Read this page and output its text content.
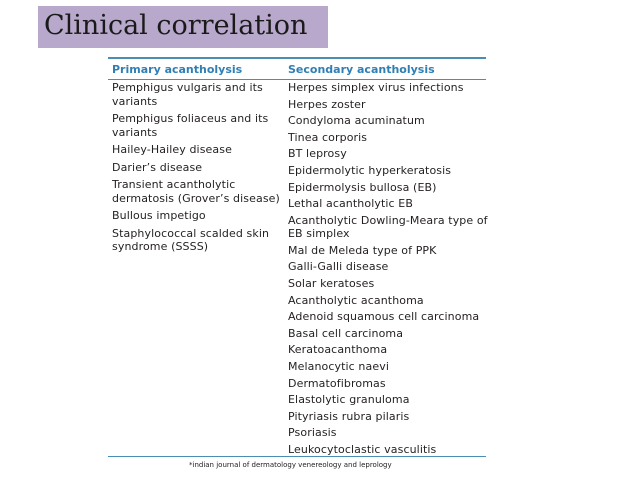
Clinical correlation
Primary acantholysis	Secondary acantholysis
Pemphigus vulgaris and its variants
Pemphigus foliaceus and its variants
Hailey-Hailey disease
Darier’s disease
Transient acantholytic dermatosis (Grover’s disease)
Bullous impetigo
Staphylococcal scalded skin syndrome (SSSS)
Herpes simplex virus infections
Herpes zoster
Condyloma acuminatum
Tinea corporis
BT leprosy
Epidermolytic hyperkeratosis
Epidermolysis bullosa (EB)
Lethal acantholytic EB
Acantholytic Dowling-Meara type of EB simplex
Mal de Meleda type of PPK
Galli-Galli disease
Solar keratoses
Acantholytic acanthoma
Adenoid squamous cell carcinoma
Basal cell carcinoma
Keratoacanthoma
Melanocytic naevi
Dermatofibromas
Elastolytic granuloma
Pityriasis rubra pilaris
Psoriasis
Leukocytoclastic vasculitis
*indian journal of dermatology venereology and leprology
